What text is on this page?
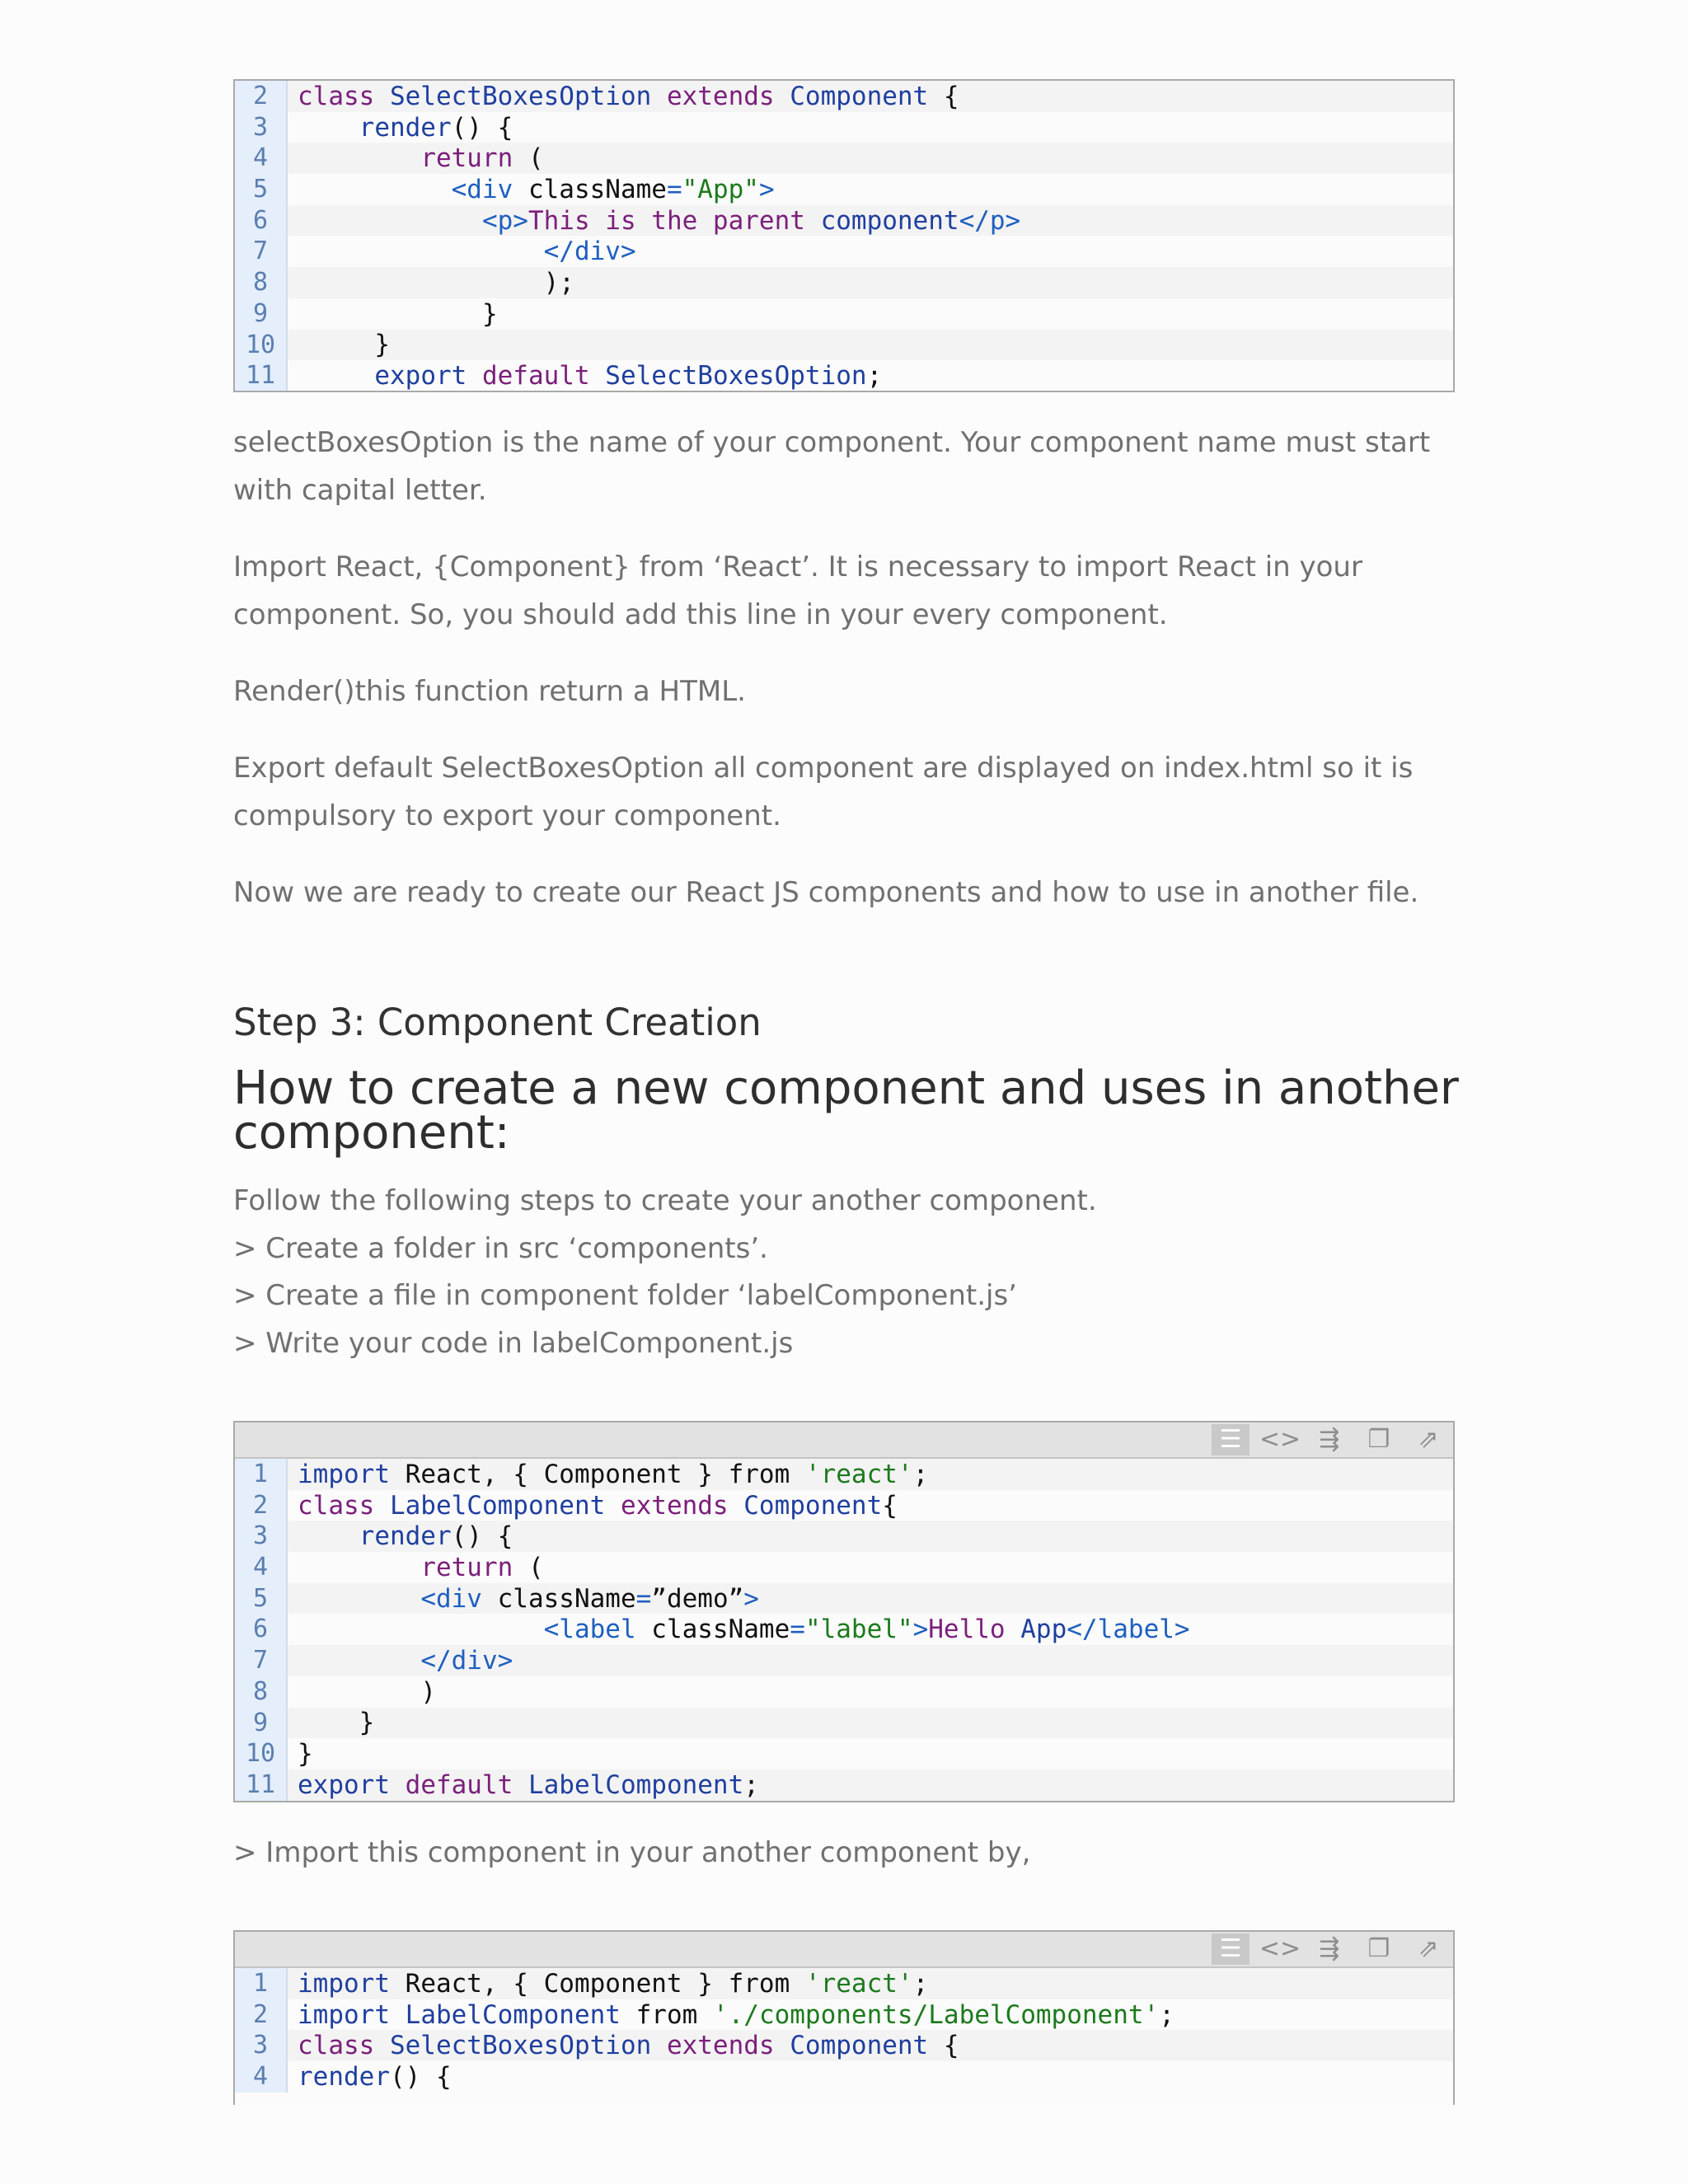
2	class SelectBoxesOption extends Component {
3	render() {
4	return (
5	<div className="App">
6	<p>This is the parent component</p>
7	</div>
8	);
9	}
10	}
11	export default SelectBoxesOption;

selectBoxesOption is the name of your component. Your component name must start with capital letter.

Import React, {Component} from ‘React’. It is necessary to import React in your component. So, you should add this line in your every component.

Render()this function return a HTML.

Export default SelectBoxesOption all component are displayed on index.html so it is compulsory to export your component.

Now we are ready to create our React JS components and how to use in another file.

Step 3: Component Creation
How to create a new component and uses in another component:

Follow the following steps to create your another component.

> Create a folder in src ‘components’.

> Create a file in component folder ‘labelComponent.js’

> Write your code in labelComponent.js

☰ <> ⇶	❐	⇗
1	import React, { Component } from 'react';
2	class LabelComponent extends Component{
3	render() {
4	return (
5	<div className=”demo”>
6	<label className="label">Hello App</label>
7	</div>
8	)
9	}
10 }
11 export default LabelComponent;

> Import this component in your another component by,

☰ <> ⇶	❐	⇗
1	import React, { Component } from 'react';
2	import LabelComponent from './components/LabelComponent';
3	class SelectBoxesOption extends Component {
4	render() {
